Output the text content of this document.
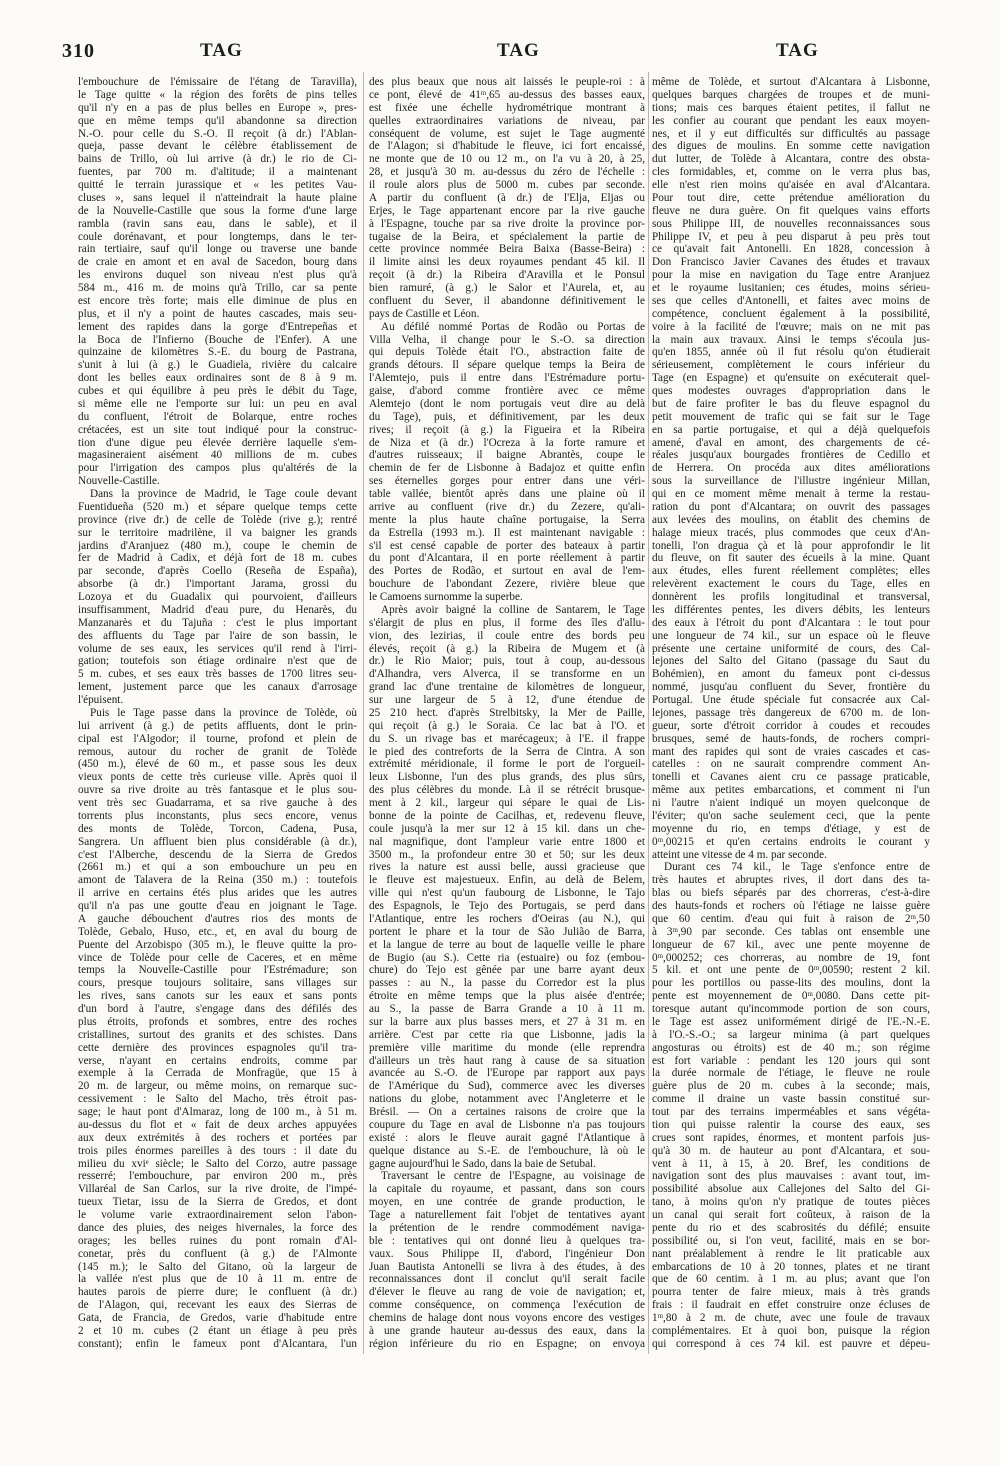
310	TAG	TAG	TAG
l'embouchure de l'émissaire de l'étang de Taravilla),
le Tage quitte « la région des forêts de pins telles
qu'il n'y en a pas de plus belles en Europe », pres-
que en même temps qu'il abandonne sa direction
N.-O. pour celle du S.-O. Il reçoit (à dr.) l'Ablan-
queja, passe devant le célèbre établissement de
bains de Trillo, où lui arrive (à dr.) le rio de Ci-
fuentes, par 700 m. d'altitude; il a maintenant
quitté le terrain jurassique et « les petites Vau-
cluses », sans lequel il n'atteindrait la haute plaine
de la Nouvelle-Castille que sous la forme d'une large
rambla (ravin sans eau, dans le sable), et il
coule dorénavant, et pour longtemps, dans le ter-
rain tertiaire, sauf qu'il longe ou traverse une bande
de craie en amont et en aval de Sacedon, bourg dans
les environs duquel son niveau n'est plus qu'à
584 m., 416 m. de moins qu'à Trillo, car sa pente
est encore très forte; mais elle diminue de plus en
plus, et il n'y a point de hautes cascades, mais seu-
lement des rapides dans la gorge d'Entrepeñas et
la Boca de l'Infierno (Bouche de l'Enfer). A une
quinzaine de kilomètres S.-E. du bourg de Pastrana,
s'unit à lui (à g.) le Guadiela, rivière du calcaire
dont les belles eaux ordinaires sont de 8 à 9 m.
cubes et qui équilibre à peu près le débit du Tage,
si même elle ne l'emporte sur lui: un peu en aval
du confluent, l'étroit de Bolarque, entre roches
crétacées, est un site tout indiqué pour la construc-
tion d'une digue peu élevée derrière laquelle s'em-
magasineraient aisément 40 millions de m. cubes
pour l'irrigation des campos plus qu'altérés de la
Nouvelle-Castille.
Dans la province de Madrid, le Tage coule devant
Fuentidueña (520 m.) et sépare quelque temps cette
province (rive dr.) de celle de Tolède (rive g.); rentré
sur le territoire madrilène, il va baigner les grands
jardins d'Aranjuez (480 m.), coupe le chemin de
fer de Madrid à Cadix, et déjà fort de 18 m. cubes
par seconde, d'après Coello (Reseña de España),
absorbe (à dr.) l'important Jarama, grossi du
Lozoya et du Guadalix qui pourvoient, d'ailleurs
insuffisamment, Madrid d'eau pure, du Henarès, du
Manzanarès et du Tajuña : c'est le plus important
des affluents du Tage par l'aire de son bassin, le
volume de ses eaux, les services qu'il rend à l'irri-
gation; toutefois son étiage ordinaire n'est que de
5 m. cubes, et ses eaux très basses de 1700 litres seu-
lement, justement parce que les canaux d'arrosage
l'épuisent.
Puis le Tage passe dans la province de Tolède, où
lui arrivent (à g.) de petits affluents, dont le prin-
cipal est l'Algodor; il tourne, profond et plein de
remous, autour du rocher de granit de Tolède
(450 m.), élevé de 60 m., et passe sous les deux
vieux ponts de cette très curieuse ville. Après quoi il
ouvre sa rive droite au très fantasque et le plus sou-
vent très sec Guadarrama, et sa rive gauche à des
torrents plus inconstants, plus secs encore, venus
des monts de Tolède, Torcon, Cadena, Pusa,
Sangrera. Un affluent bien plus considérable (à dr.),
c'est l'Alberche, descendu de la Sierra de Gredos
(2661 m.) et qui a son embouchure un peu en
amont de Talavera de la Reina (350 m.) : toutefois
il arrive en certains étés plus arides que les autres
qu'il n'a pas une goutte d'eau en joignant le Tage.
A gauche débouchent d'autres rios des monts de
Tolède, Gebalo, Huso, etc., et, en aval du bourg de
Puente del Arzobispo (305 m.), le fleuve quitte la pro-
vince de Tolède pour celle de Caceres, et en même
temps la Nouvelle-Castille pour l'Estrémadure; son
cours, presque toujours solitaire, sans villages sur
les rives, sans canots sur les eaux et sans ponts
d'un bord à l'autre, s'engage dans des défilés des
plus étroits, profonds et sombres, entre des roches
cristallines, surtout des granits et des schistes. Dans
cette dernière des provinces espagnoles qu'il tra-
verse, n'ayant en certains endroits, comme par
exemple à la Cerrada de Monfragüe, que 15 à
20 m. de largeur, ou même moins, on remarque suc-
cessivement : le Salto del Macho, très étroit pas-
sage; le haut pont d'Almaraz, long de 100 m., à 51 m.
au-dessus du flot et « fait de deux arches appuyées
aux deux extrémités à des rochers et portées par
trois piles énormes pareilles à des tours : il date du
milieu du xviᵉ siècle; le Salto del Corzo, autre passage
resserré; l'embouchure, par environ 200 m., près
Villaréal de San Carlos, sur la rive droite, de l'impé-
tueux Tietar, issu de la Sierra de Gredos, et dont
le volume varie extraordinairement selon l'abon-
dance des pluies, des neiges hivernales, la force des
orages; les belles ruines du pont romain d'Al-
conetar, près du confluent (à g.) de l'Almonte
(145 m.); le Salto del Gitano, où la largeur de
la vallée n'est plus que de 10 à 11 m. entre de
hautes parois de pierre dure; le confluent (à dr.)
de l'Alagon, qui, recevant les eaux des Sierras de
Gata, de Francia, de Gredos, varie d'habitude entre
2 et 10 m. cubes (2 étant un étiage à peu près
constant); enfin le fameux pont d'Alcantara, l'un
des plus beaux que nous ait laissés le peuple-roi : à
ce pont, élevé de 41ᵐ,65 au-dessus des basses eaux,
est fixée une échelle hydrométrique montrant à
quelles extraordinaires variations de niveau, par
conséquent de volume, est sujet le Tage augmenté
de l'Alagon; si d'habitude le fleuve, ici fort encaissé,
ne monte que de 10 ou 12 m., on l'a vu à 20, à 25,
28, et jusqu'à 30 m. au-dessus du zéro de l'échelle :
il roule alors plus de 5000 m. cubes par seconde.
A partir du confluent (à dr.) de l'Elja, Eljas ou
Erjes, le Tage appartenant encore par la rive gauche
à l'Espagne, touche par sa rive droite la province por-
tugaise de la Beira, et spécialement la partie de
cette province nommée Beira Baixa (Basse-Beira) :
il limite ainsi les deux royaumes pendant 45 kil. Il
reçoit (à dr.) la Ribeira d'Aravilla et le Ponsul
bien ramuré, (à g.) le Salor et l'Aurela, et, au
confluent du Sever, il abandonne définitivement le
pays de Castille et Léon.
Au défilé nommé Portas de Rodão ou Portas de
Villa Velha, il change pour le S.-O. sa direction
qui depuis Tolède était l'O., abstraction faite de
grands détours. Il sépare quelque temps la Beira de
l'Alemtejo, puis il entre dans l'Estrémadure portu-
gaise, d'abord comme frontière avec ce même
Alemtejo (dont le nom portugais veut dire au delà
du Tage), puis, et définitivement, par les deux
rives; il reçoit (à g.) la Figueira et la Ribeira
de Niza et (à dr.) l'Ocreza à la forte ramure et
d'autres ruisseaux; il baigne Abrantès, coupe le
chemin de fer de Lisbonne à Badajoz et quitte enfin
ses éternelles gorges pour entrer dans une véri-
table vallée, bientôt après dans une plaine où il
arrive au confluent (rive dr.) du Zezere, qu'ali-
mente la plus haute chaîne portugaise, la Serra
da Estrella (1993 m.). Il est maintenant navigable :
s'il est censé capable de porter des bateaux à partir
du pont d'Alcantara, il en porte réellement à partir
des Portes de Rodão, et surtout en aval de l'em-
bouchure de l'abondant Zezere, rivière bleue que
le Camoens surnomme la superbe.
Après avoir baigné la colline de Santarem, le Tage
s'élargit de plus en plus, il forme des îles d'allu-
vion, des lezirias, il coule entre des bords peu
élevés, reçoit (à g.) la Ribeira de Mugem et (à
dr.) le Rio Maior; puis, tout à coup, au-dessous
d'Alhandra, vers Alverca, il se transforme en un
grand lac d'une trentaine de kilomètres de longueur,
sur une largeur de 5 à 12, d'une étendue de
25 210 hect. d'après Strelbitsky, la Mer de Paille,
qui reçoit (à g.) le Soraia. Ce lac bat à l'O. et
du S. un rivage bas et marécageux; à l'E. il frappe
le pied des contreforts de la Serra de Cintra. A son
extrémité méridionale, il forme le port de l'orgueil-
leux Lisbonne, l'un des plus grands, des plus sûrs,
des plus célèbres du monde. Là il se rétrécit brusque-
ment à 2 kil., largeur qui sépare le quai de Lis-
bonne de la pointe de Cacilhas, et, redevenu fleuve,
coule jusqu'à la mer sur 12 à 15 kil. dans un che-
nal magnifique, dont l'ampleur varie entre 1800 et
3500 m., la profondeur entre 30 et 50; sur les deux
rives la nature est aussi belle, aussi gracieuse que
le fleuve est majestueux. Enfin, au delà de Belem,
ville qui n'est qu'un faubourg de Lisbonne, le Tajo
des Espagnols, le Tejo des Portugais, se perd dans
l'Atlantique, entre les rochers d'Oeiras (au N.), qui
portent le phare et la tour de São Julião de Barra,
et la langue de terre au bout de laquelle veille le phare
de Bugio (au S.). Cette ria (estuaire) ou foz (embou-
chure) do Tejo est gênée par une barre ayant deux
passes : au N., la passe du Corredor est la plus
étroite en même temps que la plus aisée d'entrée;
au S., la passe de Barra Grande a 10 à 11 m.
sur la barre aux plus basses mers, et 27 à 31 m. en
arrière. C'est par cette ria que Lisbonne, jadis la
première ville maritime du monde (elle reprendra
d'ailleurs un très haut rang à cause de sa situation
avancée au S.-O. de l'Europe par rapport aux pays
de l'Amérique du Sud), commerce avec les diverses
nations du globe, notamment avec l'Angleterre et le
Brésil. — On a certaines raisons de croire que la
coupure du Tage en aval de Lisbonne n'a pas toujours
existé : alors le fleuve aurait gagné l'Atlantique à
quelque distance au S.-E. de l'embouchure, là où le
gagne aujourd'hui le Sado, dans la baie de Setubal.
Traversant le centre de l'Espagne, au voisinage de
la capitale du royaume, et passant, dans son cours
moyen, en une contrée de grande production, le
Tage a naturellement fait l'objet de tentatives ayant
la prétention de le rendre commodément naviga-
ble : tentatives qui ont donné lieu à quelques tra-
vaux. Sous Philippe II, d'abord, l'ingénieur Don
Juan Bautista Antonelli se livra à des études, à des
reconnaissances dont il conclut qu'il serait facile
d'élever le fleuve au rang de voie de navigation; et,
comme conséquence, on commença l'exécution de
chemins de halage dont nous voyons encore des vestiges
à une grande hauteur au-dessus des eaux, dans la
région inférieure du rio en Espagne; on envoya
même de Tolède, et surtout d'Alcantara à Lisbonne,
quelques barques chargées de troupes et de muni-
tions; mais ces barques étaient petites, il fallut ne
les confier au courant que pendant les eaux moyen-
nes, et il y eut difficultés sur difficultés au passage
des digues de moulins. En somme cette navigation
dut lutter, de Tolède à Alcantara, contre des obsta-
cles formidables, et, comme on le verra plus bas,
elle n'est rien moins qu'aisée en aval d'Alcantara.
Pour tout dire, cette prétendue amélioration du
fleuve ne dura guère. On fit quelques vains efforts
sous Philippe III, de nouvelles reconnaissances sous
Philippe IV, et peu à peu disparut à peu près tout
ce qu'avait fait Antonelli. En 1828, concession à
Don Francisco Javier Cavanes des études et travaux
pour la mise en navigation du Tage entre Aranjuez
et le royaume lusitanien; ces études, moins sérieu-
ses que celles d'Antonelli, et faites avec moins de
compétence, concluent également à la possibilité,
voire à la facilité de l'œuvre; mais on ne mit pas
la main aux travaux. Ainsi le temps s'écoula jus-
qu'en 1855, année où il fut résolu qu'on étudierait
sérieusement, complètement le cours inférieur du
Tage (en Espagne) et qu'ensuite on exécuterait quel-
ques modestes ouvrages d'appropriation dans le
but de faire profiter le bas du fleuve espagnol du
petit mouvement de trafic qui se fait sur le Tage
en sa partie portugaise, et qui a déjà quelquefois
amené, d'aval en amont, des chargements de cé-
réales jusqu'aux bourgades frontières de Cedillo et
de Herrera. On procéda aux dites améliorations
sous la surveillance de l'illustre ingénieur Millan,
qui en ce moment même menait à terme la restau-
ration du pont d'Alcantara; on ouvrit des passages
aux levées des moulins, on établit des chemins de
halage mieux tracés, plus commodes que ceux d'An-
tonelli, l'on dragua çà et là pour approfondir le lit
du fleuve, on fit sauter des écueils à la mine. Quant
aux études, elles furent réellement complètes; elles
relevèrent exactement le cours du Tage, elles en
donnèrent les profils longitudinal et transversal,
les différentes pentes, les divers débits, les lenteurs
des eaux à l'étroit du pont d'Alcantara : le tout pour
une longueur de 74 kil., sur un espace où le fleuve
présente une certaine uniformité de cours, des Cal-
lejones del Salto del Gitano (passage du Saut du
Bohémien), en amont du fameux pont ci-dessus
nommé, jusqu'au confluent du Sever, frontière du
Portugal. Une étude spéciale fut consacrée aux Cal-
lejones, passage très dangereux de 6700 m. de lon-
gueur, sorte d'étroit corridor à coudes et recoudes
brusques, semé de hauts-fonds, de rochers compri-
mant des rapides qui sont de vraies cascades et cas-
catelles : on ne saurait comprendre comment An-
tonelli et Cavanes aient cru ce passage praticable,
même aux petites embarcations, et comment ni l'un
ni l'autre n'aient indiqué un moyen quelconque de
l'éviter; qu'on sache seulement ceci, que la pente
moyenne du rio, en temps d'étiage, y est de
0ᵐ,00215 et qu'en certains endroits le courant y
atteint une vitesse de 4 m. par seconde.
Durant ces 74 kil., le Tage s'enfonce entre de
très hautes et abruptes rives, il dort dans des ta-
blas ou biefs séparés par des chorreras, c'est-à-dire
des hauts-fonds et rochers où l'étiage ne laisse guère
que 60 centim. d'eau qui fuit à raison de 2ᵐ,50
à 3ᵐ,90 par seconde. Ces tablas ont ensemble une
longueur de 67 kil., avec une pente moyenne de
0ᵐ,000252; ces chorreras, au nombre de 19, font
5 kil. et ont une pente de 0ᵐ,00590; restent 2 kil.
pour les portillos ou passe-lits des moulins, dont la
pente est moyennement de 0ᵐ,0080. Dans cette pit-
toresque autant qu'incommode portion de son cours,
le Tage est assez uniformément dirigé de l'E.-N.-E.
à l'O.-S.-O.; sa largeur minima (à part quelques
angosturas ou étroits) est de 40 m.; son régime
est fort variable : pendant les 120 jours qui sont
la durée normale de l'étiage, le fleuve ne roule
guère plus de 20 m. cubes à la seconde; mais,
comme il draine un vaste bassin constitué sur-
tout par des terrains imperméables et sans végéta-
tion qui puisse ralentir la course des eaux, ses
crues sont rapides, énormes, et montent parfois jus-
qu'à 30 m. de hauteur au pont d'Alcantara, et sou-
vent à 11, à 15, à 20. Bref, les conditions de
navigation sont des plus mauvaises : avant tout, im-
possibilité absolue aux Callejones del Salto del Gi-
tano, à moins qu'on n'y pratique de toutes pièces
un canal qui serait fort coûteux, à raison de la
pente du rio et des scabrosités du défilé; ensuite
possibilité ou, si l'on veut, facilité, mais en se bor-
nant préalablement à rendre le lit praticable aux
embarcations de 10 à 20 tonnes, plates et ne tirant
que de 60 centim. à 1 m. au plus; avant que l'on
pourra tenter de faire mieux, mais à très grands
frais : il faudrait en effet construire onze écluses de
1ᵐ,80 à 2 m. de chute, avec une foule de travaux
complémentaires. Et à quoi bon, puisque la région
qui correspond à ces 74 kil. est pauvre et dépeu-
